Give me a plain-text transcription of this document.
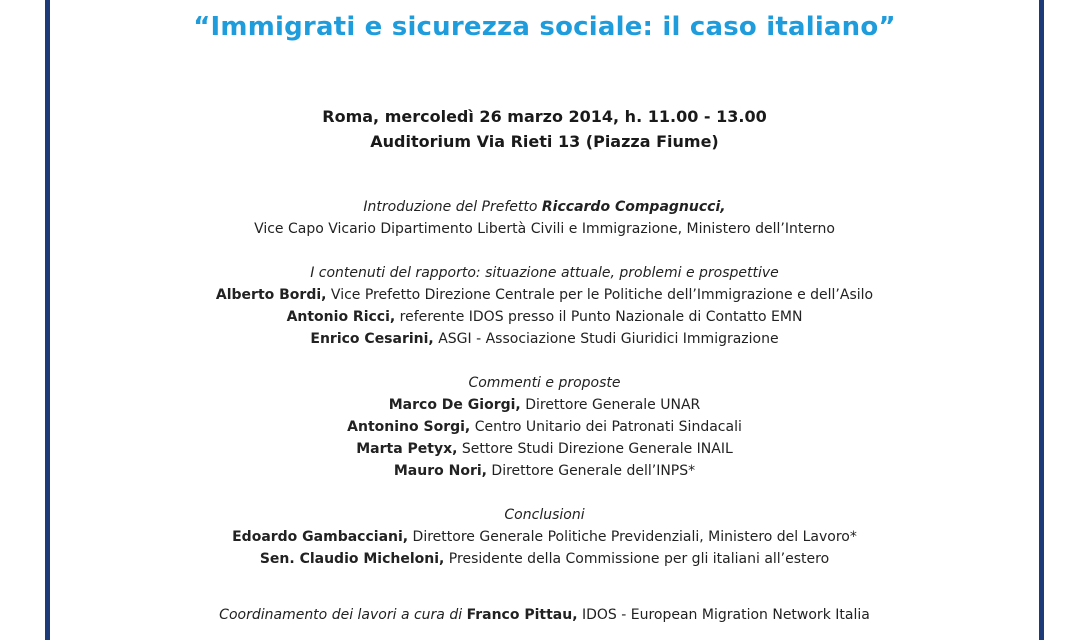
“Immigrati e sicurezza sociale: il caso italiano”
Roma, mercoledì 26 marzo 2014, h. 11.00 - 13.00
Auditorium Via Rieti 13 (Piazza Fiume)
Introduzione del Prefetto Riccardo Compagnucci,
Vice Capo Vicario Dipartimento Libertà Civili e Immigrazione, Ministero dell’Interno
I contenuti del rapporto: situazione attuale, problemi e prospettive
Alberto Bordi, Vice Prefetto Direzione Centrale per le Politiche dell’Immigrazione e dell’Asilo
Antonio Ricci, referente IDOS presso il Punto Nazionale di Contatto EMN
Enrico Cesarini, ASGI - Associazione Studi Giuridici Immigrazione
Commenti e proposte
Marco De Giorgi, Direttore Generale UNAR
Antonino Sorgi, Centro Unitario dei Patronati Sindacali
Marta Petyx, Settore Studi Direzione Generale INAIL
Mauro Nori, Direttore Generale dell’INPS*
Conclusioni
Edoardo Gambacciani, Direttore Generale Politiche Previdenziali, Ministero del Lavoro*
Sen. Claudio Micheloni, Presidente della Commissione per gli italiani all’estero
Coordinamento dei lavori a cura di Franco Pittau, IDOS - European Migration Network Italia
